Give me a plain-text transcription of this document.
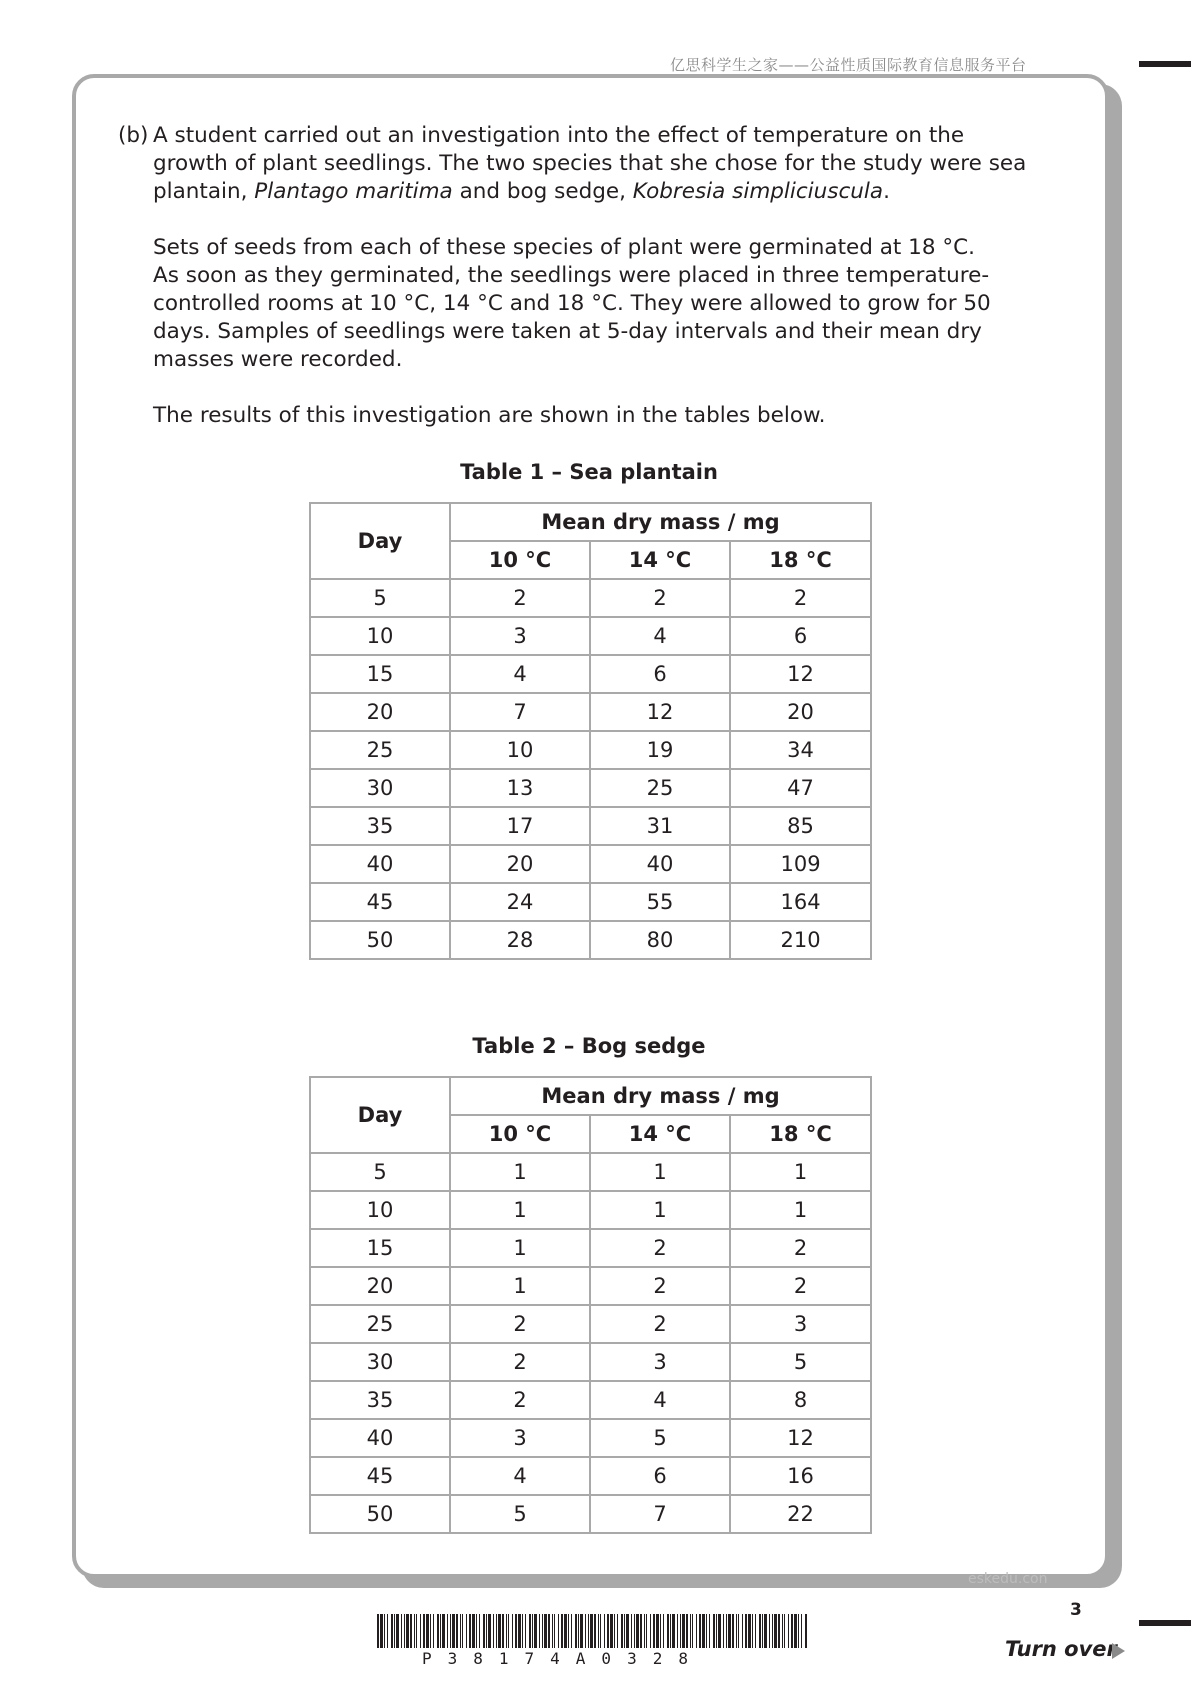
亿思科学生之家——公益性质国际教育信息服务平台
(b) A student carried out an investigation into the effect of temperature on the
growth of plant seedlings. The two species that she chose for the study were sea
plantain, Plantago maritima and bog sedge, Kobresia simpliciuscula.

Sets of seeds from each of these species of plant were germinated at 18 °C. As soon as they germinated, the seedlings were placed in three temperature-controlled rooms at 10 °C, 14 °C and 18 °C. They were allowed to grow for 50 days. Samples of seedlings were taken at 5-day intervals and their mean dry masses were recorded.

The results of this investigation are shown in the tables below.

Table 1 – Sea plantain
Day	Mean dry mass / mg		
	10 °C	14 °C	18 °C
5	2	2	2
10	3	4	6
15	4	6	12
20	7	12	20
25	10	19	34
30	13	25	47
35	17	31	85
40	20	40	109
45	24	55	164
50	28	80	210
Table 2 – Bog sedge
Day	Mean dry mass / mg		
	10 °C	14 °C	18 °C
5	1	1	1
10	1	1	1
15	1	2	2
20	1	2	2
25	2	2	3
30	2	3	5
35	2	4	8
40	3	5	12
45	4	6	16
50	5	7	22
eskedu.con
3
P38174A0328	Turn over
